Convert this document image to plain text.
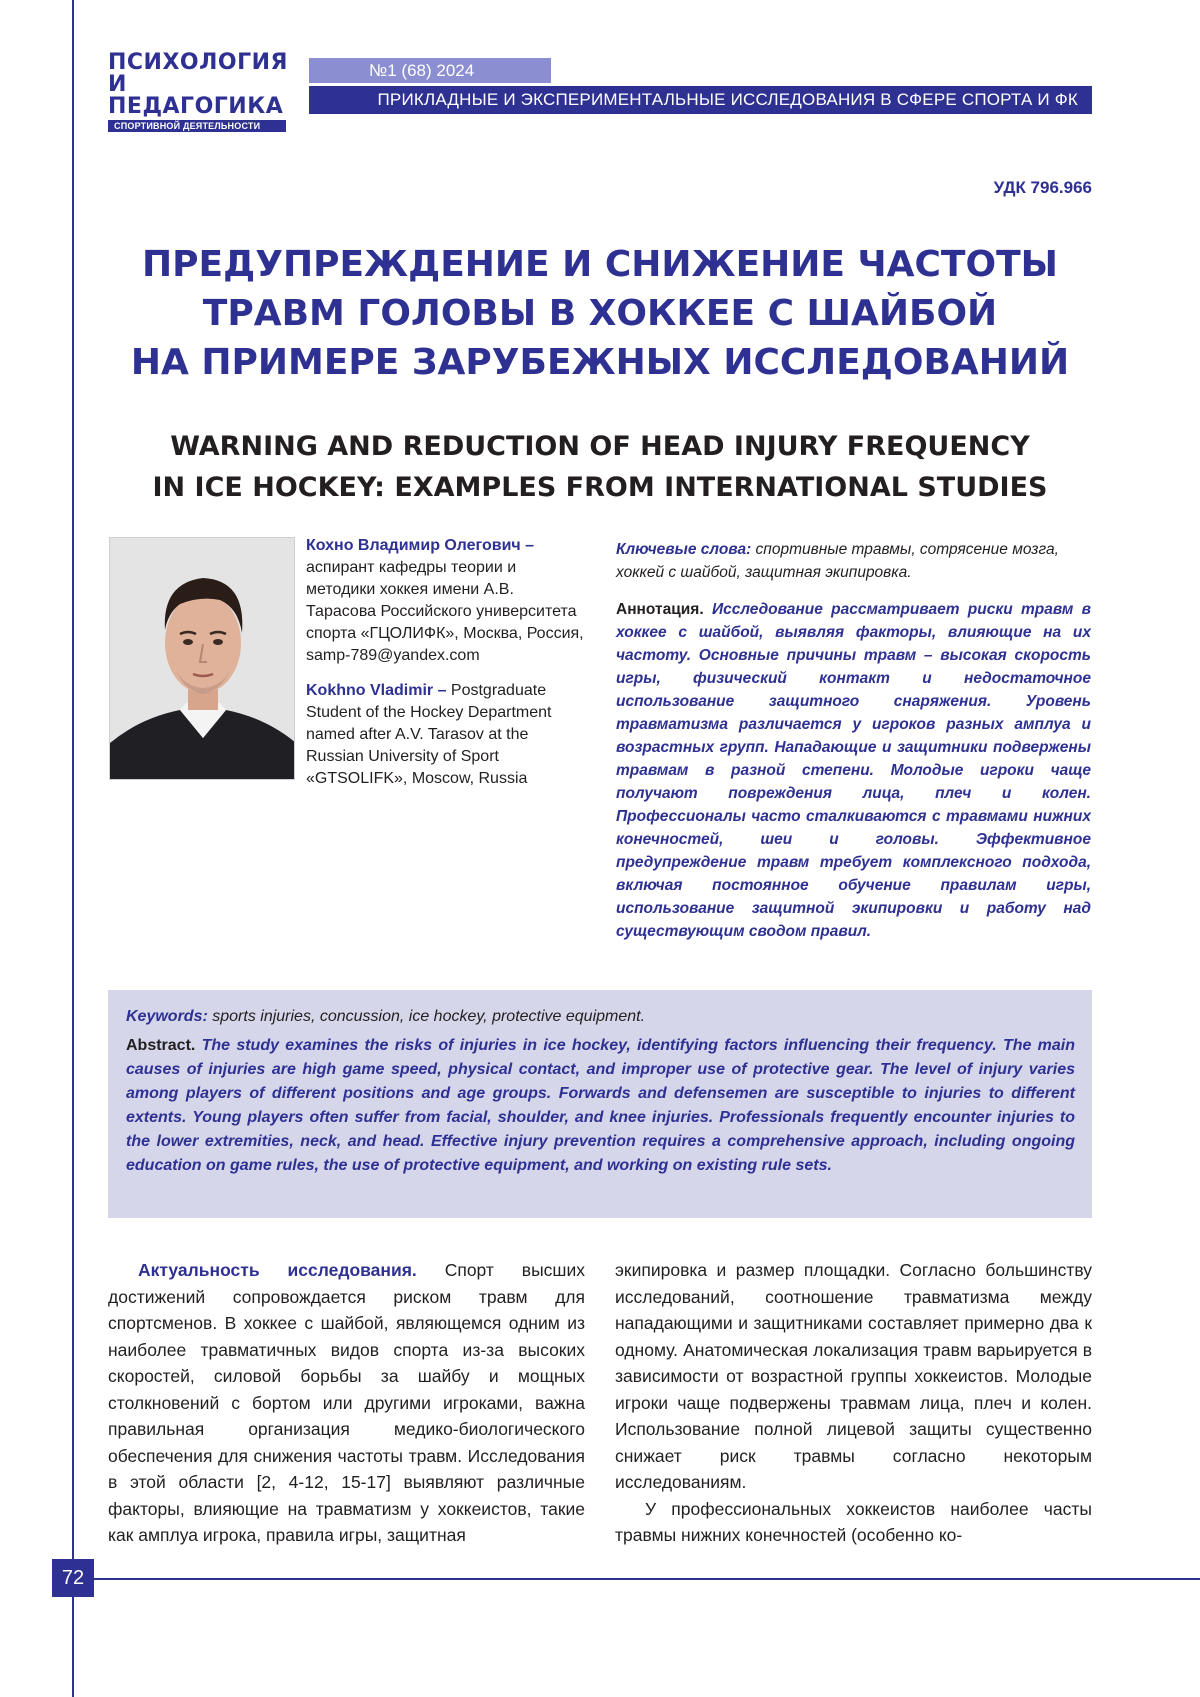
ПСИХОЛОГИЯ
И ПЕДАГОГИКА
СПОРТИВНОЙ ДЕЯТЕЛЬНОСТИ
№1 (68) 2024
ПРИКЛАДНЫЕ И ЭКСПЕРИМЕНТАЛЬНЫЕ ИССЛЕДОВАНИЯ В СФЕРЕ СПОРТА И ФК
УДК 796.966
ПРЕДУПРЕЖДЕНИЕ И СНИЖЕНИЕ ЧАСТОТЫ
ТРАВМ ГОЛОВЫ В ХОККЕЕ С ШАЙБОЙ
НА ПРИМЕРЕ ЗАРУБЕЖНЫХ ИССЛЕДОВАНИЙ
WARNING AND REDUCTION OF HEAD INJURY FREQUENCY
IN ICE HOCKEY: EXAMPLES FROM INTERNATIONAL STUDIES

Кохно Владимир Олегович – аспирант кафедры теории и методики хоккея имени А.В. Тарасова Российского университета спорта «ГЦОЛИФК», Москва, Россия, samp-789@yandex.com

Kokhno Vladimir – Postgraduate Student of the Hockey Department named after A.V. Tarasov at the Russian University of Sport «GTSOLIFK», Moscow, Russia

Ключевые слова: спортивные травмы, сотрясение мозга, хоккей с шайбой, защитная экипировка.
Аннотация. Исследование рассматривает риски травм в хоккее с шайбой, выявляя факторы, влияющие на их частоту. Основные причины травм – высокая скорость игры, физический контакт и недостаточное использование защитного снаряжения. Уровень травматизма различается у игроков разных амплуа и возрастных групп. Нападающие и защитники подвержены травмам в разной степени. Молодые игроки чаще получают повреждения лица, плеч и колен. Профессионалы часто сталкиваются с травмами нижних конечностей, шеи и головы. Эффективное предупреждение травм требует комплексного подхода, включая постоянное обучение правилам игры, использование защитной экипировки и работу над существующим сводом правил.
Keywords: sports injuries, concussion, ice hockey, protective equipment.
Abstract. The study examines the risks of injuries in ice hockey, identifying factors influencing their frequency. The main causes of injuries are high game speed, physical contact, and improper use of protective gear. The level of injury varies among players of different positions and age groups. Forwards and defensemen are susceptible to injuries to different extents. Young players often suffer from facial, shoulder, and knee injuries. Professionals frequently encounter injuries to the lower extremities, neck, and head. Effective injury prevention requires a comprehensive approach, including ongoing education on game rules, the use of protective equipment, and working on existing rule sets.

Актуальность исследования. Спорт высших достижений сопровождается риском травм для спортсменов. В хоккее с шайбой, являющемся одним из наиболее травматичных видов спорта из-за высоких скоростей, силовой борьбы за шайбу и мощных столкновений с бортом или другими игроками, важна правильная организация медико-биологического обеспечения для снижения частоты травм. Исследования в этой области [2, 4-12, 15-17] выявляют различные факторы, влияющие на травматизм у хоккеистов, такие как амплуа игрока, правила игры, защитная

экипировка и размер площадки. Согласно большинству исследований, соотношение травматизма между нападающими и защитниками составляет примерно два к одному. Анатомическая локализация травм варьируется в зависимости от возрастной группы хоккеистов. Молодые игроки чаще подвержены травмам лица, плеч и колен. Использование полной лицевой защиты существенно снижает риск травмы согласно некоторым исследованиям.

У профессиональных хоккеистов наиболее часты травмы нижних конечностей (особенно ко-

72
